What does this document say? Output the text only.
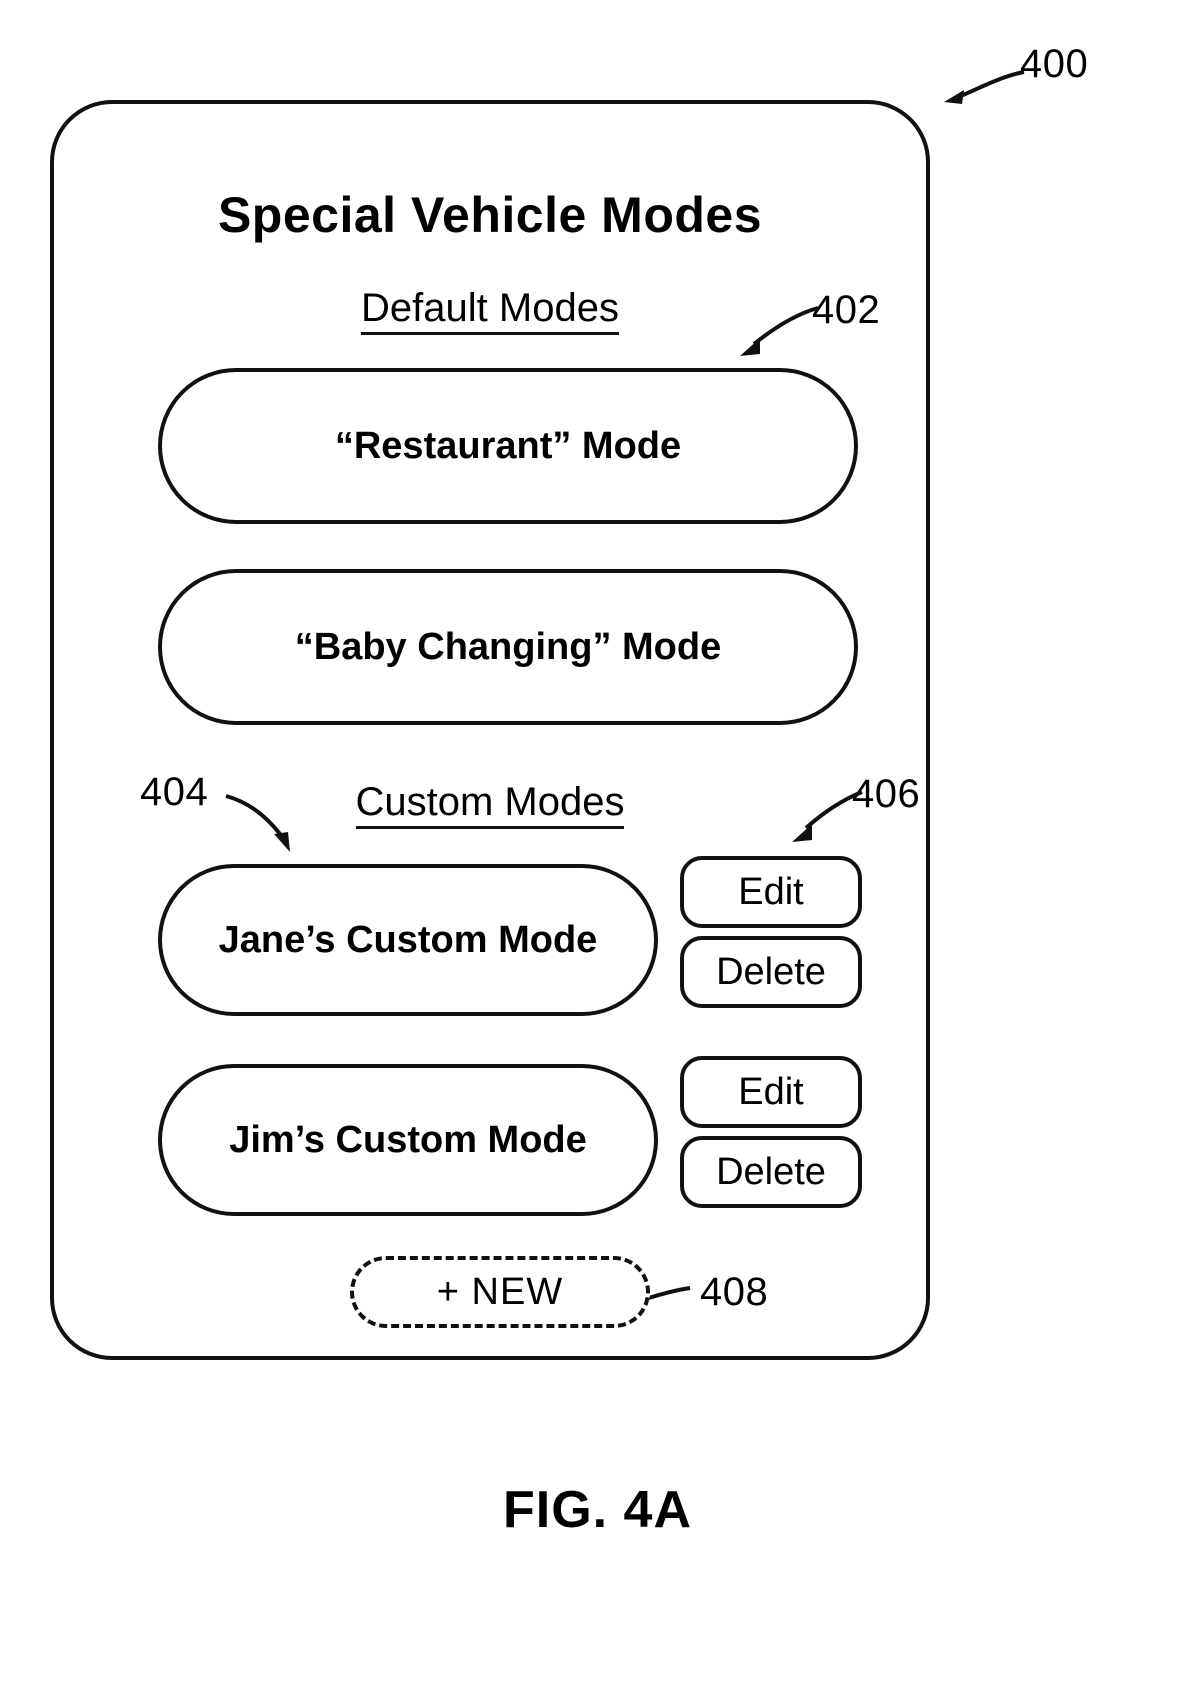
400
402
404	406
408
Special Vehicle Modes
Default Modes
“Restaurant” Mode
“Baby Changing” Mode
Custom Modes
Jane’s Custom Mode
Edit
Delete
Jim’s Custom Mode
Edit
Delete
+ NEW
FIG. 4A
